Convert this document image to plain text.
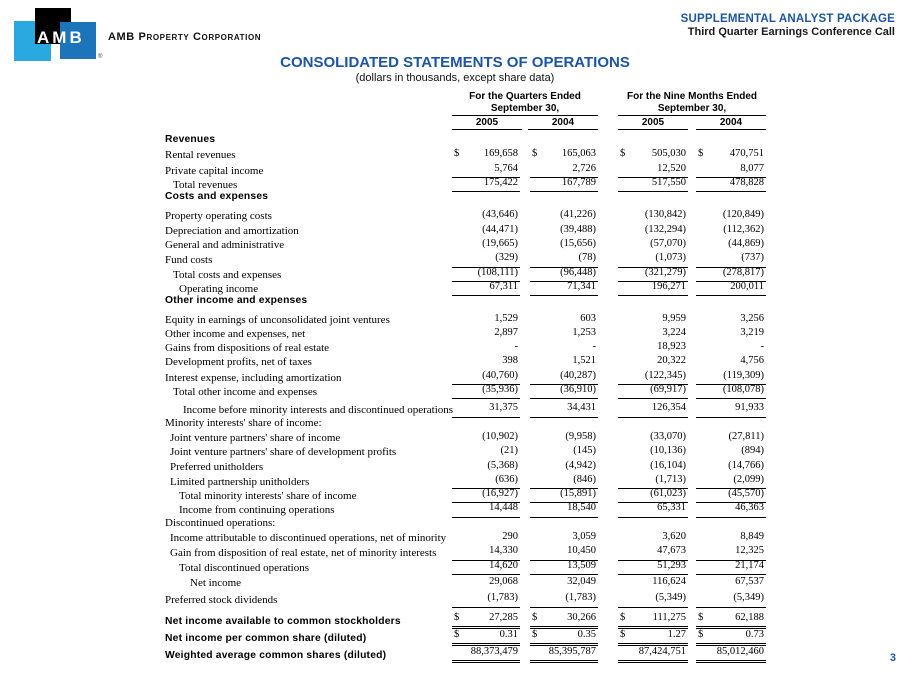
AMB
®
AMB Property Corporation
SUPPLEMENTAL ANALYST PACKAGE
Third Quarter Earnings Conference Call
CONSOLIDATED STATEMENTS OF OPERATIONS
(dollars in thousands, except share data)
For the Quarters Ended
September 30,
2005	2004
For the Nine Months Ended
September 30,
2005	2004
Revenues
Rental revenues	$ 169,658 $ 165,063 $	505,030 $	470,751
Private capital income	5,764	2,726	12,520	8,077
Total revenues	175,422	167,789	517,550	478,828
Costs and expenses
Property operating costs	(43,646)	(41,226)	(130,842)	(120,849)
Depreciation and amortization	(44,471)	(39,488)	(132,294)	(112,362)
General and administrative	(19,665)	(15,656)	(57,070)	(44,869)
Fund costs	(329)	(78)	(1,073)	(737)
Total costs and expenses	(108,111)	(96,448)	(321,279)	(278,817)
Operating income	67,311	71,341	196,271	200,011
Other income and expenses
Equity in earnings of unconsolidated joint ventures	1,529	603	9,959	3,256
Other income and expenses, net	2,897	1,253	3,224	3,219
Gains from dispositions of real estate	-	-	18,923	-
Development profits, net of taxes	398	1,521	20,322	4,756
Interest expense, including amortization	(40,760)	(40,287)	(122,345)	(119,309)
Total other income and expenses	(35,936)	(36,910)	(69,917)	(108,078)
Income before minority interests and discontinued operations	31,375	34,431	126,354	91,933
Minority interests' share of income:
Joint venture partners' share of income	(10,902)	(9,958)	(33,070)	(27,811)
Joint venture partners' share of development profits	(21)	(145)	(10,136)	(894)
Preferred unitholders	(5,368)	(4,942)	(16,104)	(14,766)
Limited partnership unitholders	(636)	(846)	(1,713)	(2,099)
Total minority interests' share of income	(16,927)	(15,891)	(61,023)	(45,570)
Income from continuing operations	14,448	18,540	65,331	46,363
Discontinued operations:
Income attributable to discontinued operations, net of minority	290	3,059	3,620	8,849
Gain from disposition of real estate, net of minority interests	14,330	10,450	47,673	12,325
Total discontinued operations	14,620	13,509	51,293	21,174
Net income	29,068	32,049	116,624	67,537
Preferred stock dividends	(1,783)	(1,783)	(5,349)	(5,349)
Net income available to common stockholders	$	27,285 $	30,266 $	111,275 $	62,188
Net income per common share (diluted)	$	0.31 $	0.35 $	1.27 $	0.73
Weighted average common shares (diluted)	88,373,479	85,395,787	87,424,751	85,012,460
3
